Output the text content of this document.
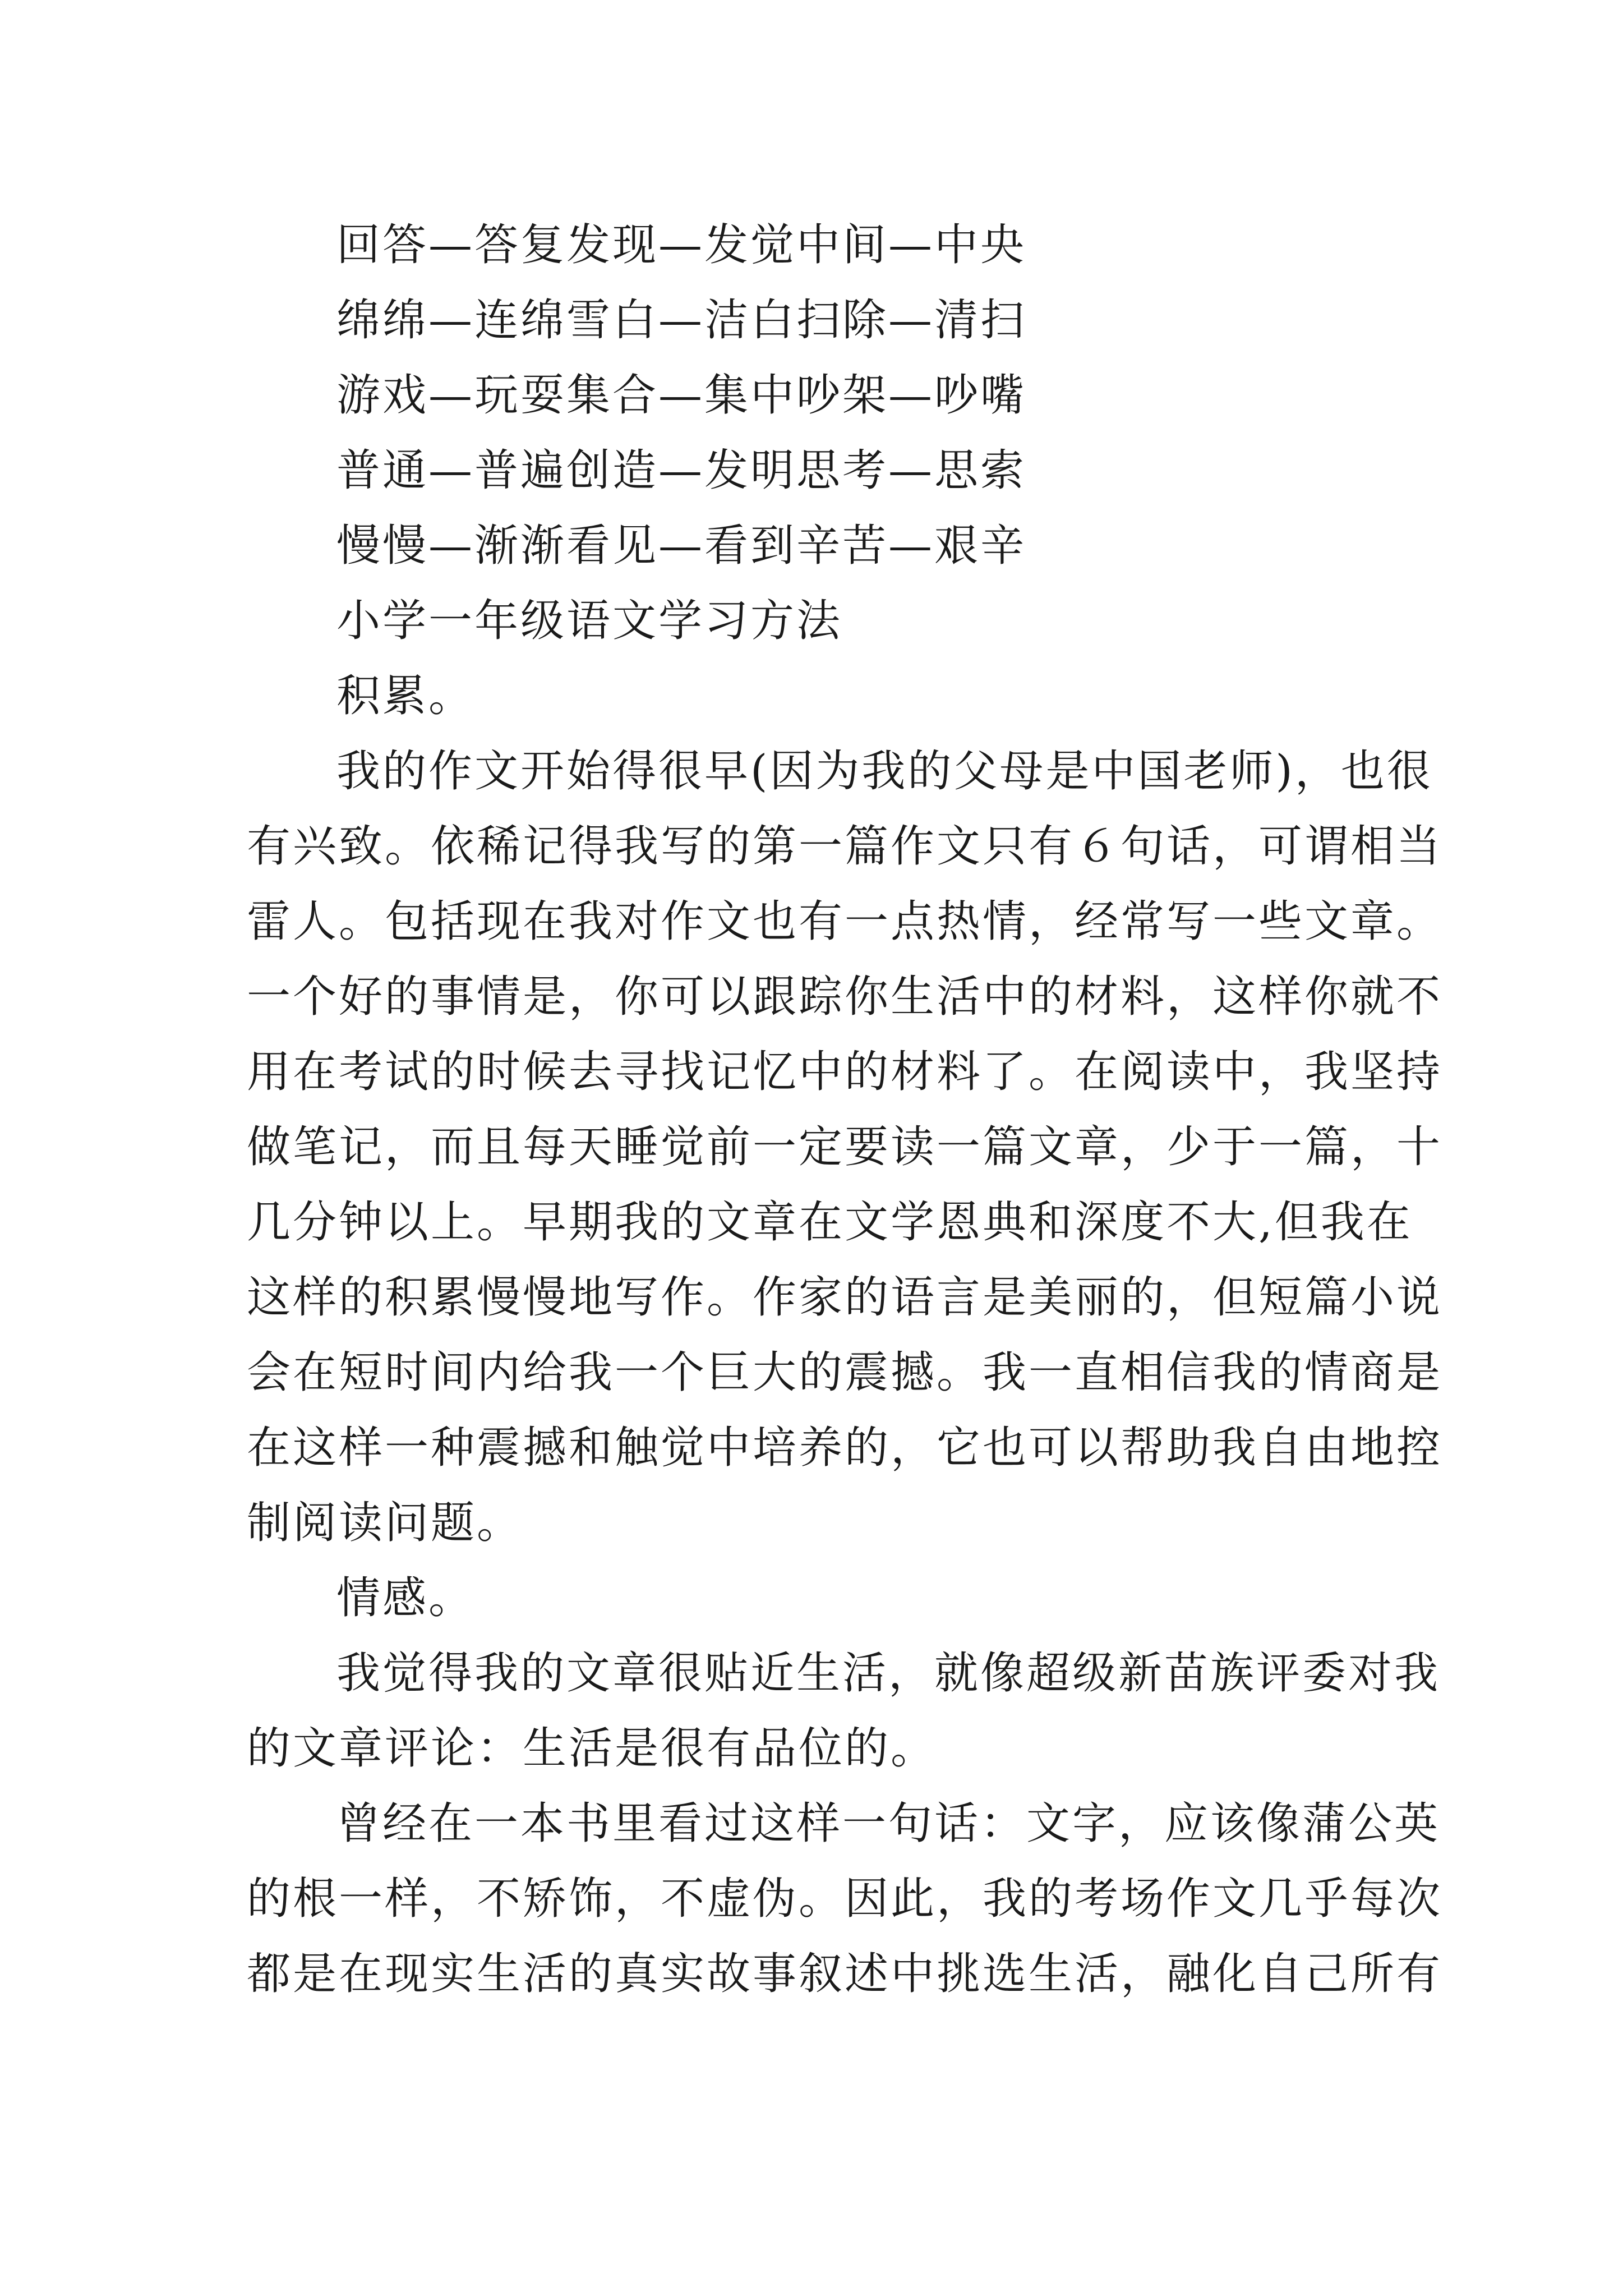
回答—答复发现—发觉中间—中央
绵绵—连绵雪白—洁白扫除—清扫
游戏—玩耍集合—集中吵架—吵嘴
普通—普遍创造—发明思考—思索
慢慢—渐渐看见—看到辛苦—艰辛
小学一年级语文学习方法
积累。
我的作文开始得很早(因为我的父母是中国老师)，也很
有兴致。依稀记得我写的第一篇作文只有６句话，可谓相当
雷人。包括现在我对作文也有一点热情，经常写一些文章。
一个好的事情是，你可以跟踪你生活中的材料，这样你就不
用在考试的时候去寻找记忆中的材料了。在阅读中，我坚持
做笔记，而且每天睡觉前一定要读一篇文章，少于一篇，十
几分钟以上。早期我的文章在文学恩典和深度不大,但我在
这样的积累慢慢地写作。作家的语言是美丽的，但短篇小说
会在短时间内给我一个巨大的震撼。我一直相信我的情商是
在这样一种震撼和触觉中培养的，它也可以帮助我自由地控
制阅读问题。
情感。
我觉得我的文章很贴近生活，就像超级新苗族评委对我
的文章评论：生活是很有品位的。
曾经在一本书里看过这样一句话：文字，应该像蒲公英
的根一样，不矫饰，不虚伪。因此，我的考场作文几乎每次
都是在现实生活的真实故事叙述中挑选生活，融化自己所有
